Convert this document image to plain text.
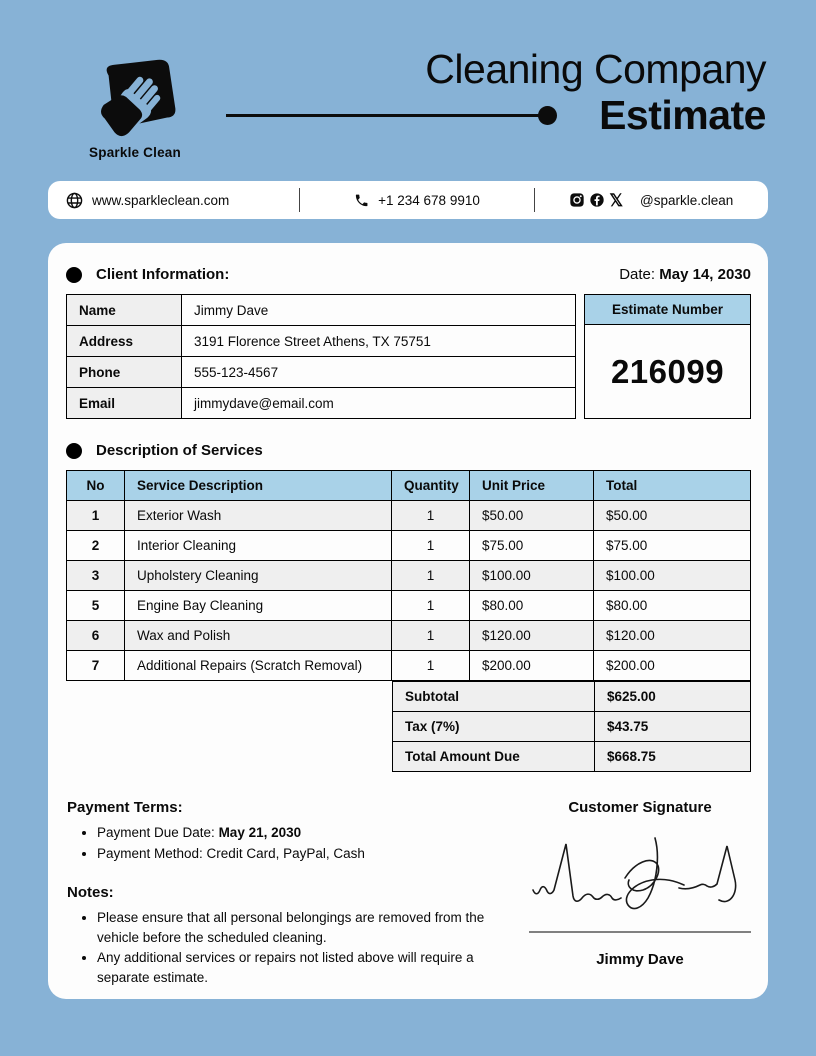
Sparkle Clean
Cleaning Company
Estimate
www.sparkleclean.com	+1 234 678 9910	𝕏 @sparkle.clean
Client Information:	Date: May 14, 2030
Name	Jimmy Dave
Address	3191 Florence Street Athens, TX 75751
Phone	555-123-4567
Email	jimmydave@email.com
Estimate Number
216099
Description of Services
No	Service Description	Quantity	Unit Price	Total
1	Exterior Wash	1	$50.00	$50.00
2	Interior Cleaning	1	$75.00	$75.00
3	Upholstery Cleaning	1	$100.00	$100.00
5	Engine Bay Cleaning	1	$80.00	$80.00
6	Wax and Polish	1	$120.00	$120.00
7	Additional Repairs (Scratch Removal)	1	$200.00	$200.00
Subtotal	$625.00
Tax (7%)	$43.75
Total Amount Due	$668.75
Payment Terms:
• Payment Due Date: May 21, 2030
• Payment Method: Credit Card, PayPal, Cash
Notes:
• Please ensure that all personal belongings are removed from the vehicle before the scheduled cleaning.
• Any additional services or repairs not listed above will require a separate estimate.
Customer Signature
Jimmy Dave
